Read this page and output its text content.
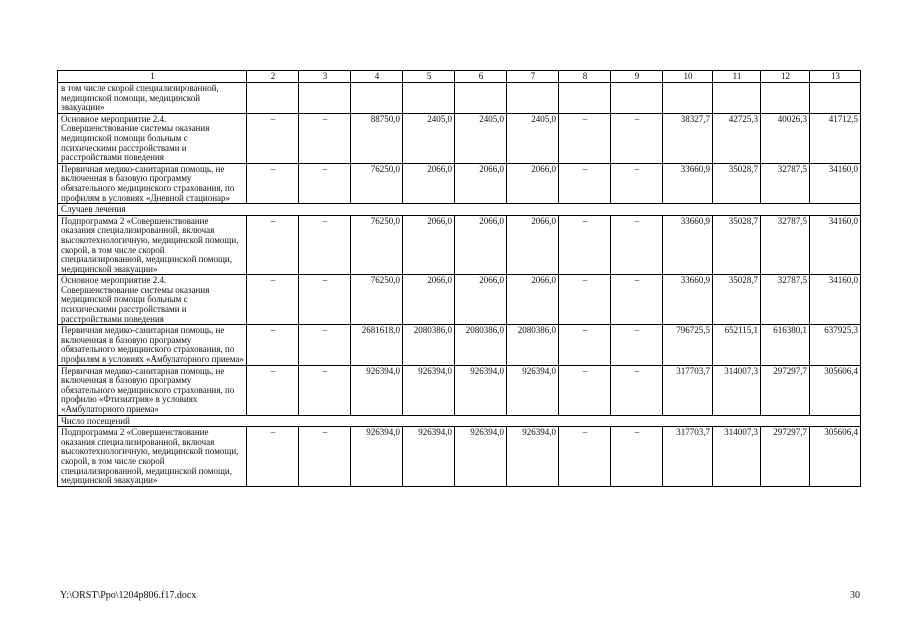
1	2	3	4	5	6	7	8	9	10	11	12	13
в том числе скорой специализированной, медицинской помощи, медицинской эвакуации»												
Основное мероприятие 2.4. Совершенствование системы оказания медицинской помощи больным с психическими расстройствами и расстройствами поведения	–	–	88750,0	2405,0	2405,0	2405,0	–	–	38327,7	42725,3	40026,3	41712,5
Первичная медико-санитарная помощь, не включенная в базовую программу обязательного медицинского страхования, по профилям в условиях «Дневной стационар»	–	–	76250,0	2066,0	2066,0	2066,0	–	–	33660,9	35028,7	32787,5	34160,0
Случаев лечения												
Подпрограмма 2 «Совершенствование оказания специализированной, включая высокотехнологичную, медицинской помощи, скорой, в том числе скорой специализированной, медицинской помощи, медицинской эвакуации»	–	–	76250,0	2066,0	2066,0	2066,0	–	–	33660,9	35028,7	32787,5	34160,0
Основное мероприятие 2.4. Совершенствование системы оказания медицинской помощи больным с психическими расстройствами и расстройствами поведения	–	–	76250,0	2066,0	2066,0	2066,0	–	–	33660,9	35028,7	32787,5	34160,0
Первичная медико-санитарная помощь, не включенная в базовую программу обязательного медицинского страхования, по профилям в условиях «Амбулаторного приема»	–	–	2681618,0	2080386,0	2080386,0	2080386,0	–	–	796725,5	652115,1	616380,1	637925,3
Первичная медико-санитарная помощь, не включенная в базовую программу обязательного медицинского страхования, по профилю «Фтизиатрия» в условиях «Амбулаторного приема»	–	–	926394,0	926394,0	926394,0	926394,0	–	–	317703,7	314007,3	297297,7	305606,4
Число посещений												
Подпрограмма 2 «Совершенствование оказания специализированной, включая высокотехнологичную, медицинской помощи, скорой, в том числе скорой специализированной, медицинской помощи, медицинской эвакуации»	–	–	926394,0	926394,0	926394,0	926394,0	–	–	317703,7	314007,3	297297,7	305606,4
Y:\ORST\Ppo\1204p806.f17.docx	30
